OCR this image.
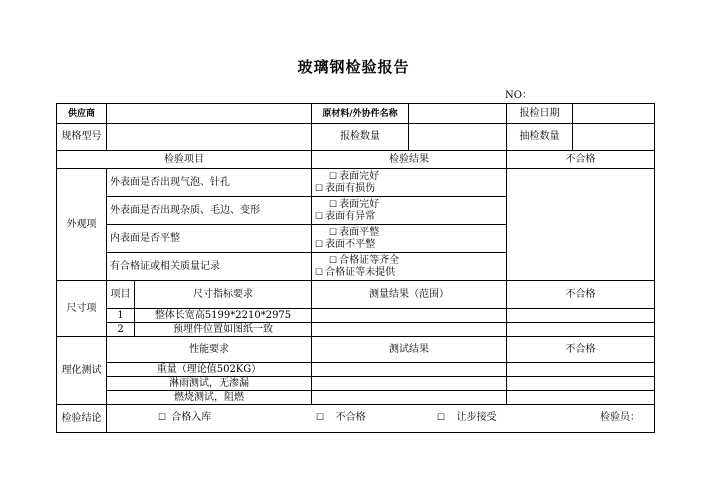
玻璃钢检验报告
NO：
供应商			原材料/外协件名称		报检日期	
规格型号			报检数量		抽检数量	
检验项目			检验结果		不合格	
外观项	外表面是否出现气泡、针孔		☐ 表面完好
☐ 表面有损伤			

	外表面是否出现杂质、毛边、变形		☐ 表面完好
☐ 表面有异常			

	内表面是否平整		☐ 表面平整
☐ 表面不平整			

	有合格证或相关质量记录		☐ 合格证等齐全
☐ 合格证等未提供			

尺寸项	项目	尺寸指标要求	测量结果（范围）		不合格	
	1	整体长宽高5199*2210*2975				
	2	预埋件位置如图纸一致				
理化测试	性能要求		测试结果		不合格	
	重量（理论值502KG）					
	淋雨测试，无渗漏					
	燃烧测试，阻燃					
检验结论	☐ 合格入库 ☐ 不合格 ☐ 让步接受 检验员：					
